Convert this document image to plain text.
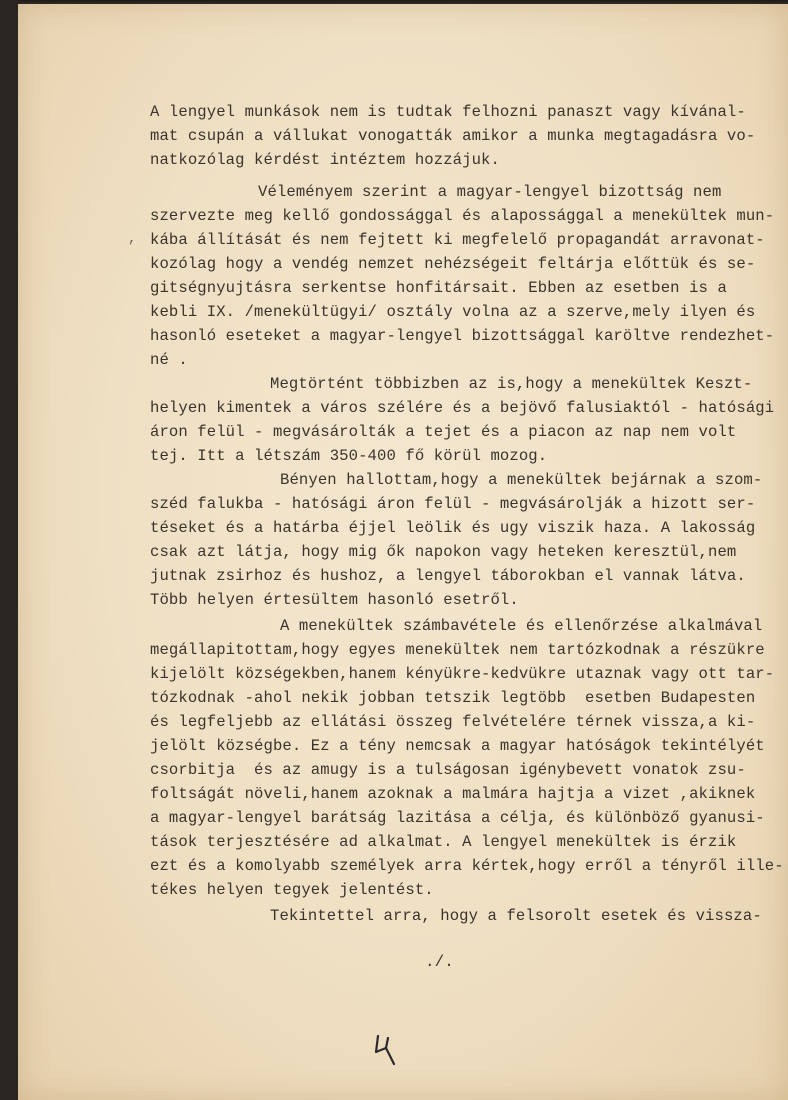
,
A lengyel munkások nem is tudtak felhozni panaszt vagy kívánal-
mat csupán a vállukat vonogatták amikor a munka megtagadásra vo-
natkozólag kérdést intéztem hozzájuk.
Véleményem szerint a magyar-lengyel bizottság nem
szervezte meg kellő gondossággal és alapossággal a menekültek mun-
kába állítását és nem fejtett ki megfelelő propagandát arravonat-
kozólag hogy a vendég nemzet nehézségeit feltárja előttük és se-
gitségnyujtásra serkentse honfitársait. Ebben az esetben is a
kebli IX. /menekültügyi/ osztály volna az a szerve,mely ilyen és
hasonló eseteket a magyar-lengyel bizottsággal karöltve rendezhet-
né .
Megtörtént többizben az is,hogy a menekültek Keszt-
helyen kimentek a város szélére és a bejövő falusiaktól - hatósági
áron felül - megvásárolták a tejet és a piacon az nap nem volt
tej. Itt a létszám 350-400 fő körül mozog.
Bényen hallottam,hogy a menekültek bejárnak a szom-
széd falukba - hatósági áron felül - megvásárolják a hizott ser-
téseket és a határba éjjel leölik és ugy viszik haza. A lakosság
csak azt látja, hogy mig ők napokon vagy heteken keresztül,nem
jutnak zsirhoz és hushoz, a lengyel táborokban el vannak látva.
Több helyen értesültem hasonló esetről.
A menekültek számbavétele és ellenőrzése alkalmával
megállapitottam,hogy egyes menekültek nem tartózkodnak a részükre
kijelölt községekben,hanem kényükre-kedvükre utaznak vagy ott tar-
tózkodnak -ahol nekik jobban tetszik legtöbb  esetben Budapesten
és legfeljebb az ellátási összeg felvételére térnek vissza,a ki-
jelölt községbe. Ez a tény nemcsak a magyar hatóságok tekintélyét
csorbitja  és az amugy is a tulságosan igénybevett vonatok zsu-
foltságát növeli,hanem azoknak a malmára hajtja a vizet ,akiknek
a magyar-lengyel barátság lazitása a célja, és különböző gyanusi-
tások terjesztésére ad alkalmat. A lengyel menekültek is érzik
ezt és a komolyabb személyek arra kértek,hogy erről a tényről ille-
tékes helyen tegyek jelentést.
Tekintettel arra, hogy a felsorolt esetek és vissza-
./.
